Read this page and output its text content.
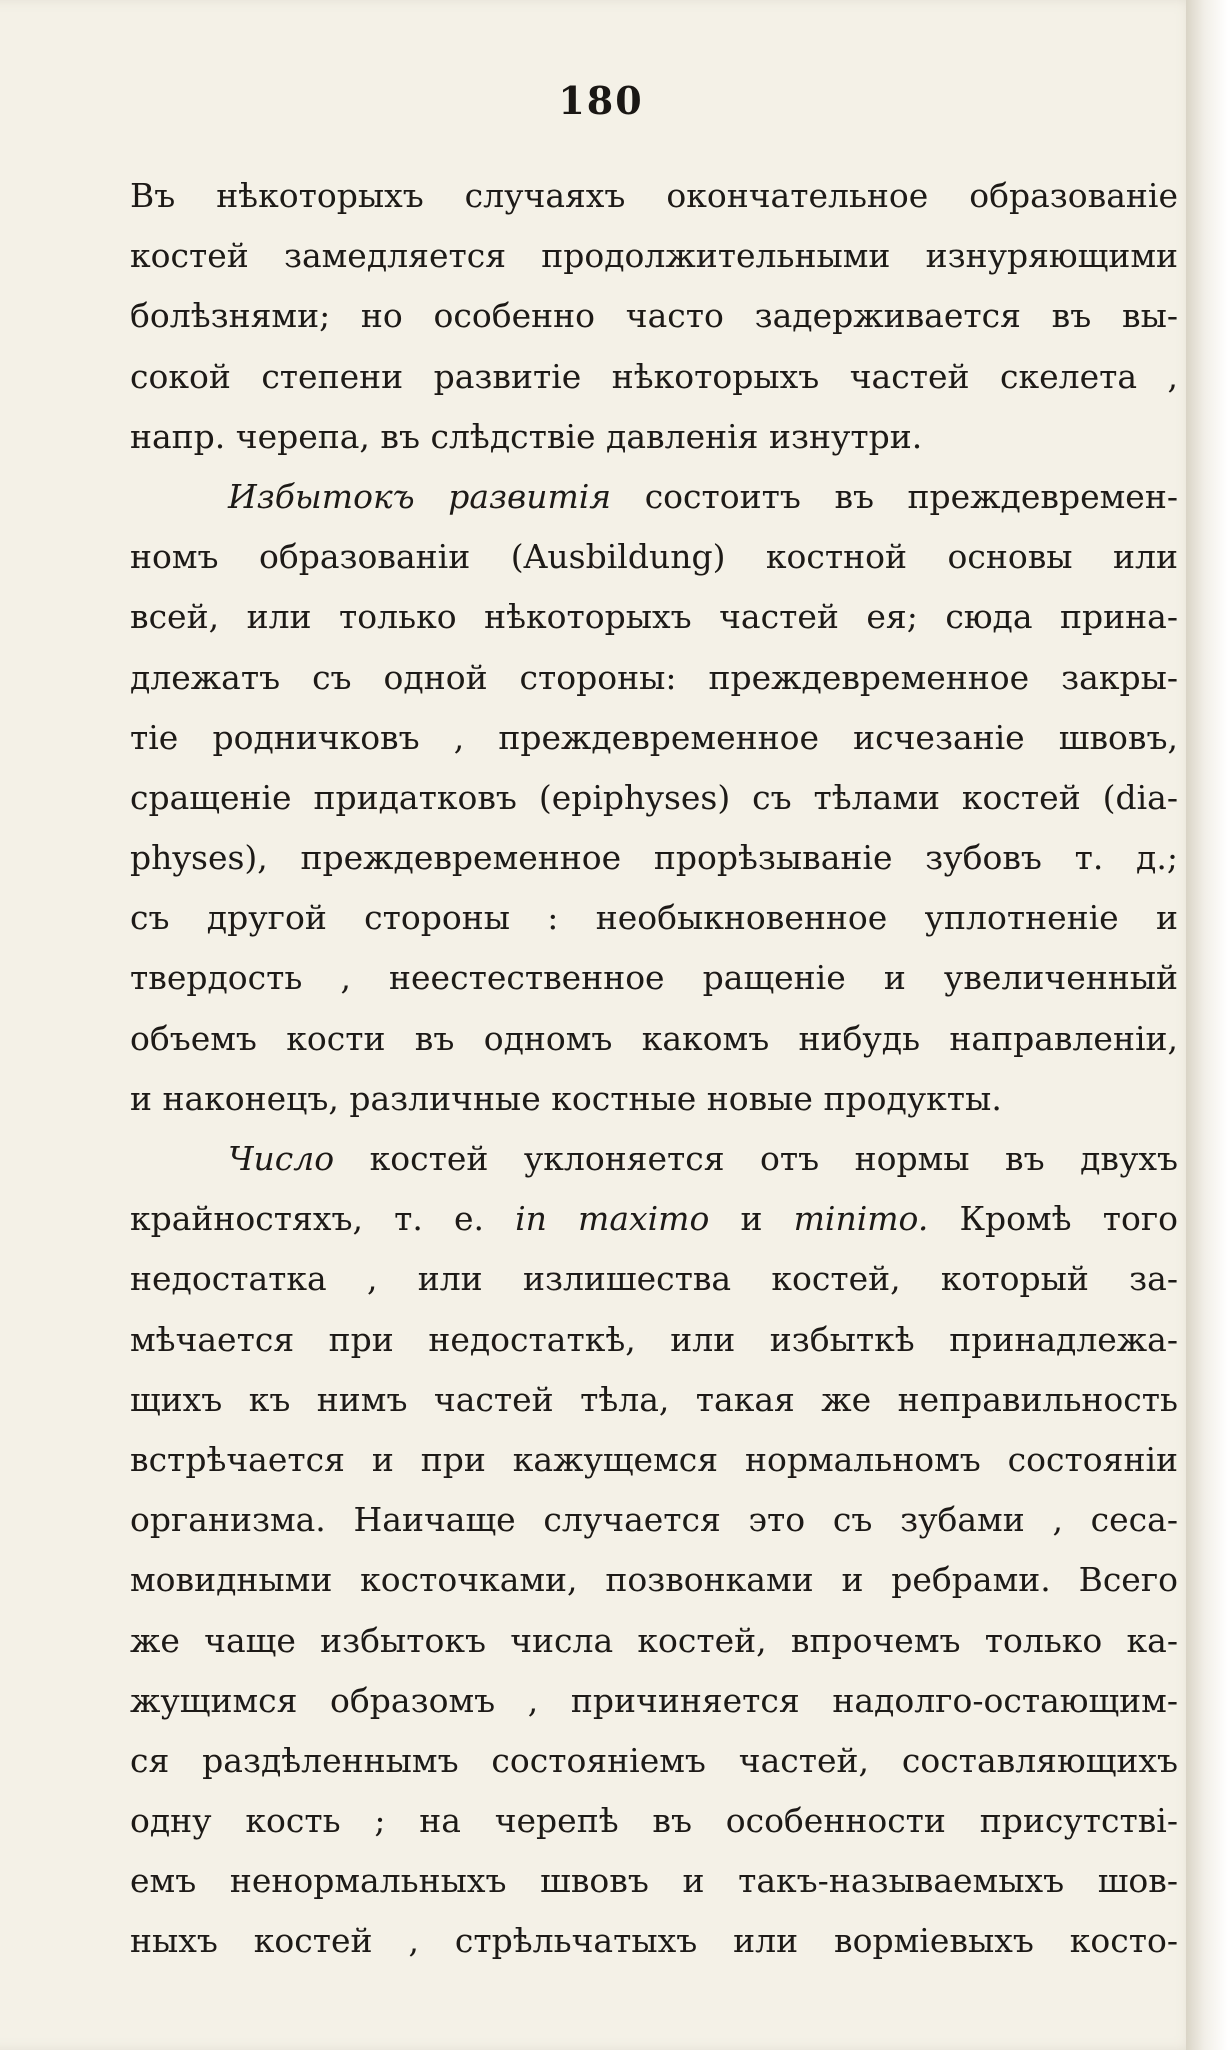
180
Въ нѣкоторыхъ случаяхъ окончательное образованіе
костей замедляется продолжительными изнуряющими
болѣзнями; но особенно часто задерживается въ вы-
сокой степени развитіе нѣкоторыхъ частей скелета ,
напр. черепа, въ слѣдствіе давленія изнутри.
Избытокъ развитія состоитъ въ преждевремен-
номъ образованіи (Ausbildung) костной основы или
всей, или только нѣкоторыхъ частей ея; сюда прина-
длежатъ съ одной стороны: преждевременное закры-
тіе родничковъ , преждевременное исчезаніе швовъ,
сращеніе придатковъ (epiphyses) съ тѣлами костей (dia-
physes), преждевременное прорѣзываніе зубовъ т. д.;
съ другой стороны : необыкновенное уплотненіе и
твердость , неестественное ращеніе и увеличенный
объемъ кости въ одномъ какомъ нибудь направленіи,
и наконецъ, различные костные новые продукты.
Число костей уклоняется отъ нормы въ двухъ
крайностяхъ, т. е. in maximo и minimo. Кромѣ того
недостатка , или излишества костей, который за-
мѣчается при недостаткѣ, или избыткѣ принадлежа-
щихъ къ нимъ частей тѣла, такая же неправильность
встрѣчается и при кажущемся нормальномъ состояніи
организма. Наичаще случается это съ зубами , сеса-
мовидными косточками, позвонками и ребрами. Всего
же чаще избытокъ числа костей, впрочемъ только ка-
жущимся образомъ , причиняется надолго-остающим-
ся раздѣленнымъ состояніемъ частей, составляющихъ
одну кость ; на черепѣ въ особенности присутстві-
емъ ненормальныхъ швовъ и такъ-называемыхъ шов-
ныхъ костей , стрѣльчатыхъ или ворміевыхъ косто-
